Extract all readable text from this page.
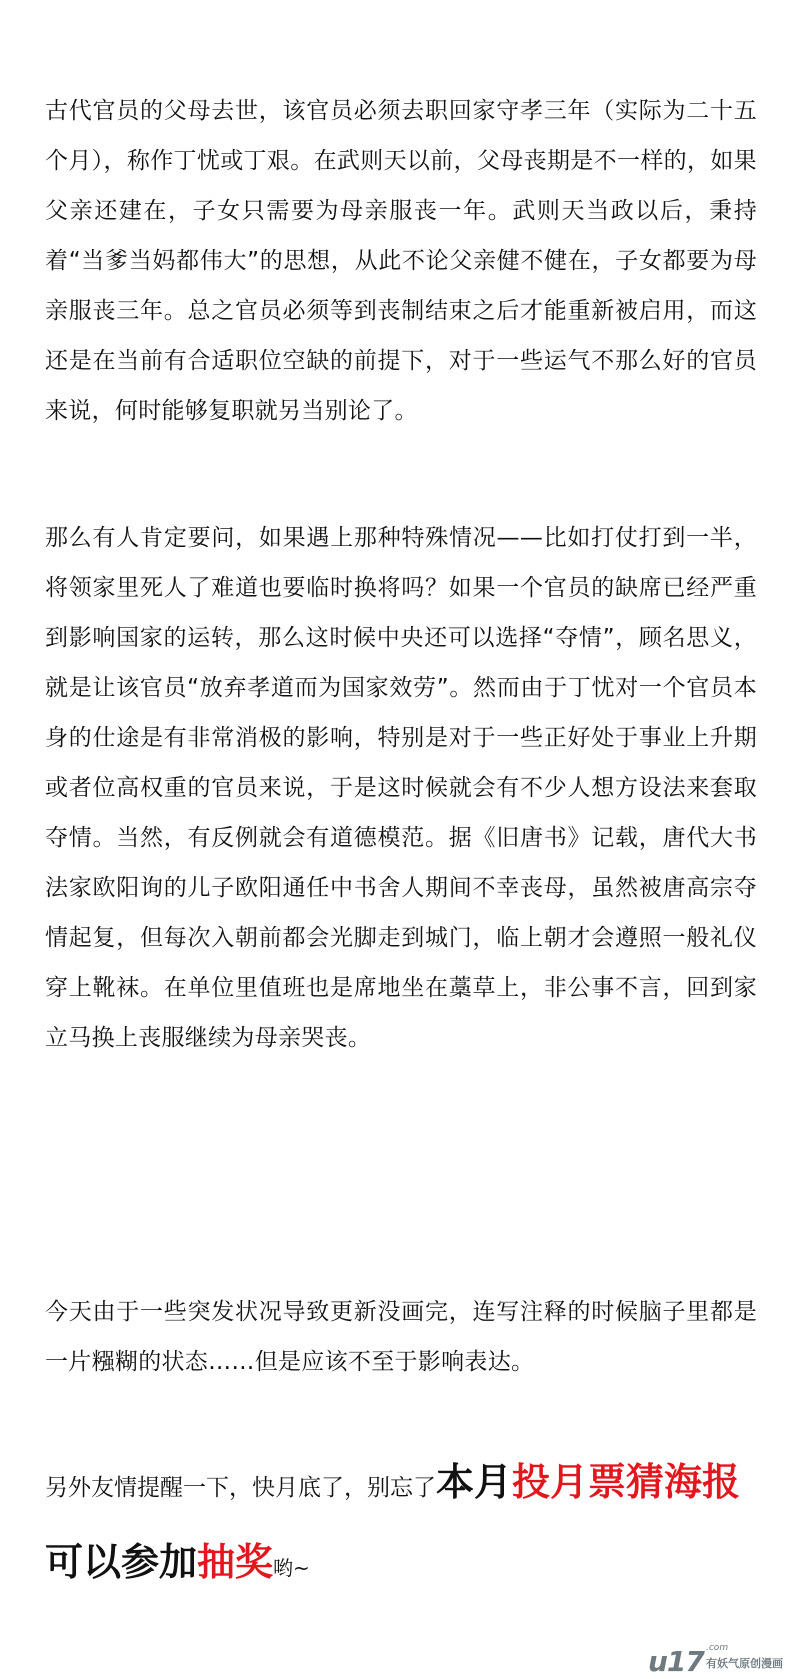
古代官员的父母去世，该官员必须去职回家守孝三年（实际为二十五个月），称作丁忧或丁艰。在武则天以前，父母丧期是不一样的，如果父亲还建在，子女只需要为母亲服丧一年。武则天当政以后，秉持着“当爹当妈都伟大”的思想，从此不论父亲健不健在，子女都要为母亲服丧三年。总之官员必须等到丧制结束之后才能重新被启用，而这还是在当前有合适职位空缺的前提下，对于一些运气不那么好的官员来说，何时能够复职就另当别论了。

那么有人肯定要问，如果遇上那种特殊情况——比如打仗打到一半，将领家里死人了难道也要临时换将吗？如果一个官员的缺席已经严重到影响国家的运转，那么这时候中央还可以选择“夺情”，顾名思义，就是让该官员“放弃孝道而为国家效劳”。然而由于丁忧对一个官员本身的仕途是有非常消极的影响，特别是对于一些正好处于事业上升期或者位高权重的官员来说，于是这时候就会有不少人想方设法来套取夺情。当然，有反例就会有道德模范。据《旧唐书》记载，唐代大书法家欧阳询的儿子欧阳通任中书舍人期间不幸丧母，虽然被唐高宗夺情起复，但每次入朝前都会光脚走到城门，临上朝才会遵照一般礼仪穿上靴袜。在单位里值班也是席地坐在藁草上，非公事不言，回到家立马换上丧服继续为母亲哭丧。

今天由于一些突发状况导致更新没画完，连写注释的时候脑子里都是一片糨糊的状态……但是应该不至于影响表达。

另外友情提醒一下，快月底了，别忘了本月投月票猜海报可以参加抽奖哟~

u17 .com
有妖气原创漫画
